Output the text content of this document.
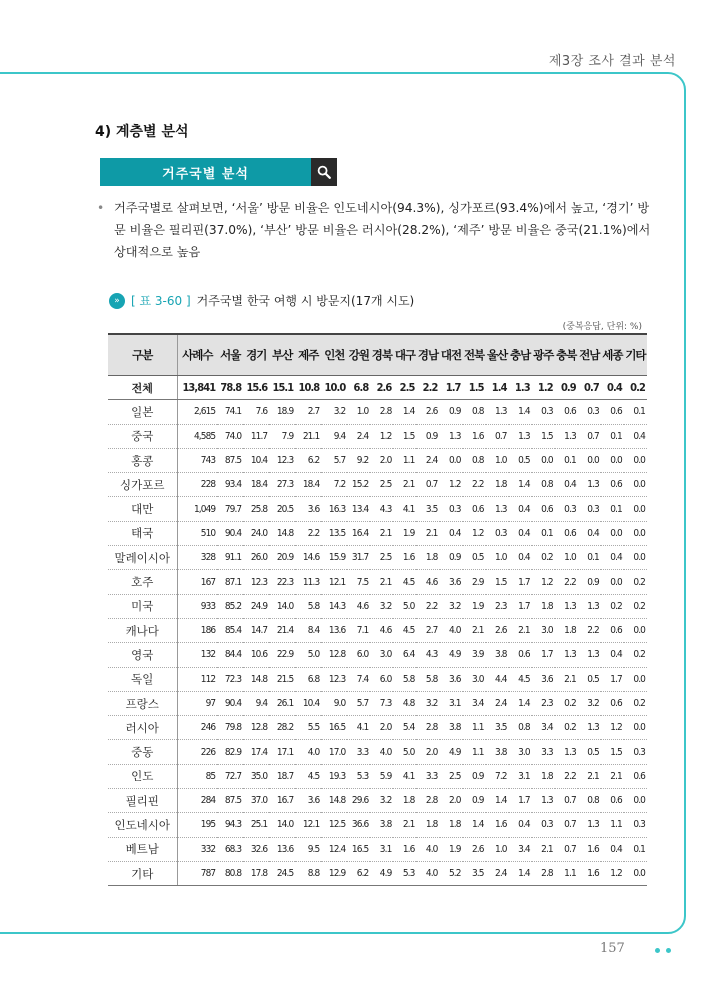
제3장 조사 결과 분석
4) 계층별 분석
거주국별 분석
• 거주국별로 살펴보면, ‘서울’ 방문 비율은 인도네시아(94.3%), 싱가포르(93.4%)에서 높고, ‘경기’ 방문 비율은 필리핀(37.0%), ‘부산’ 방문 비율은 러시아(28.2%), ‘제주’ 방문 비율은 중국(21.1%)에서 상대적으로 높음
» [ 표 3-60 ] 거주국별 한국 여행 시 방문지(17개 시도)
(중복응답, 단위: %)
구분	사례수	서울	경기	부산	제주	인천	강원	경북	대구	경남	대전	전북	울산	충남	광주	충북	전남	세종	기타
전체	13,841	78.8	15.6	15.1	10.8	10.0	6.8	2.6	2.5	2.2	1.7	1.5	1.4	1.3	1.2	0.9	0.7	0.4	0.2
일본	2,615	74.1	7.6	18.9	2.7	3.2	1.0	2.8	1.4	2.6	0.9	0.8	1.3	1.4	0.3	0.6	0.3	0.6	0.1
중국	4,585	74.0	11.7	7.9	21.1	9.4	2.4	1.2	1.5	0.9	1.3	1.6	0.7	1.3	1.5	1.3	0.7	0.1	0.4
홍콩	743	87.5	10.4	12.3	6.2	5.7	9.2	2.0	1.1	2.4	0.0	0.8	1.0	0.5	0.0	0.1	0.0	0.0	0.0
싱가포르	228	93.4	18.4	27.3	18.4	7.2	15.2	2.5	2.1	0.7	1.2	2.2	1.8	1.4	0.8	0.4	1.3	0.6	0.0
대만	1,049	79.7	25.8	20.5	3.6	16.3	13.4	4.3	4.1	3.5	0.3	0.6	1.3	0.4	0.6	0.3	0.3	0.1	0.0
태국	510	90.4	24.0	14.8	2.2	13.5	16.4	2.1	1.9	2.1	0.4	1.2	0.3	0.4	0.1	0.6	0.4	0.0	0.0
말레이시아	328	91.1	26.0	20.9	14.6	15.9	31.7	2.5	1.6	1.8	0.9	0.5	1.0	0.4	0.2	1.0	0.1	0.4	0.0
호주	167	87.1	12.3	22.3	11.3	12.1	7.5	2.1	4.5	4.6	3.6	2.9	1.5	1.7	1.2	2.2	0.9	0.0	0.2
미국	933	85.2	24.9	14.0	5.8	14.3	4.6	3.2	5.0	2.2	3.2	1.9	2.3	1.7	1.8	1.3	1.3	0.2	0.2
캐나다	186	85.4	14.7	21.4	8.4	13.6	7.1	4.6	4.5	2.7	4.0	2.1	2.6	2.1	3.0	1.8	2.2	0.6	0.0
영국	132	84.4	10.6	22.9	5.0	12.8	6.0	3.0	6.4	4.3	4.9	3.9	3.8	0.6	1.7	1.3	1.3	0.4	0.2
독일	112	72.3	14.8	21.5	6.8	12.3	7.4	6.0	5.8	5.8	3.6	3.0	4.4	4.5	3.6	2.1	0.5	1.7	0.0
프랑스	97	90.4	9.4	26.1	10.4	9.0	5.7	7.3	4.8	3.2	3.1	3.4	2.4	1.4	2.3	0.2	3.2	0.6	0.2
러시아	246	79.8	12.8	28.2	5.5	16.5	4.1	2.0	5.4	2.8	3.8	1.1	3.5	0.8	3.4	0.2	1.3	1.2	0.0
중동	226	82.9	17.4	17.1	4.0	17.0	3.3	4.0	5.0	2.0	4.9	1.1	3.8	3.0	3.3	1.3	0.5	1.5	0.3
인도	85	72.7	35.0	18.7	4.5	19.3	5.3	5.9	4.1	3.3	2.5	0.9	7.2	3.1	1.8	2.2	2.1	2.1	0.6
필리핀	284	87.5	37.0	16.7	3.6	14.8	29.6	3.2	1.8	2.8	2.0	0.9	1.4	1.7	1.3	0.7	0.8	0.6	0.0
인도네시아	195	94.3	25.1	14.0	12.1	12.5	36.6	3.8	2.1	1.8	1.8	1.4	1.6	0.4	0.3	0.7	1.3	1.1	0.3
베트남	332	68.3	32.6	13.6	9.5	12.4	16.5	3.1	1.6	4.0	1.9	2.6	1.0	3.4	2.1	0.7	1.6	0.4	0.1
기타	787	80.8	17.8	24.5	8.8	12.9	6.2	4.9	5.3	4.0	5.2	3.5	2.4	1.4	2.8	1.1	1.6	1.2	0.0
157
